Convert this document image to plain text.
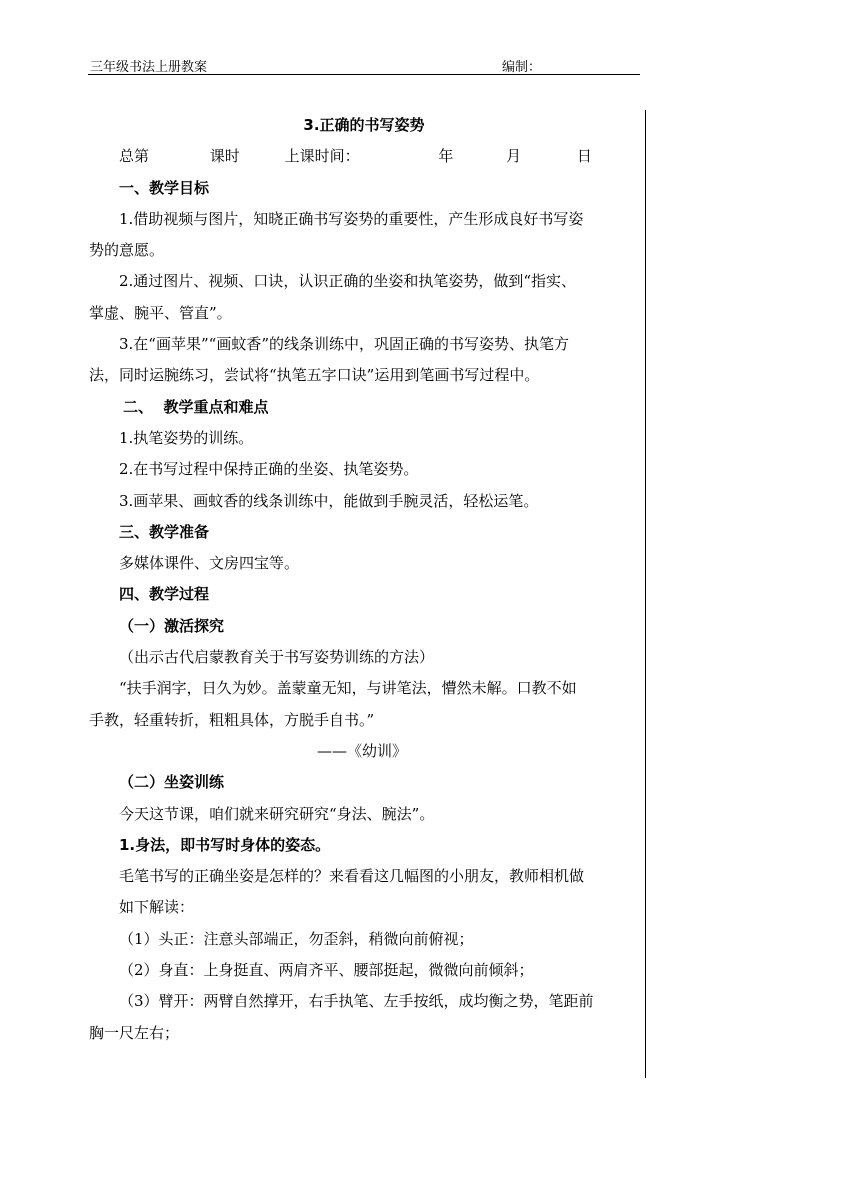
三年级书法上册教案	编制：
3.正确的书写姿势
总第	课时	上课时间：	年	月	日
一、教学目标
1.借助视频与图片，知晓正确书写姿势的重要性，产生形成良好书写姿
势的意愿。
2.通过图片、视频、口诀，认识正确的坐姿和执笔姿势，做到“指实、
掌虚、腕平、管直”。
3.在“画苹果”“画蚊香”的线条训练中，巩固正确的书写姿势、执笔方
法，同时运腕练习，尝试将“执笔五字口诀”运用到笔画书写过程中。
二、  教学重点和难点
1.执笔姿势的训练。
2.在书写过程中保持正确的坐姿、执笔姿势。
3.画苹果、画蚊香的线条训练中，能做到手腕灵活，轻松运笔。
三、教学准备
多媒体课件、文房四宝等。
四、教学过程
（一）激活探究
（出示古代启蒙教育关于书写姿势训练的方法）
“扶手润字，日久为妙。盖蒙童无知，与讲笔法，懵然未解。口教不如
手教，轻重转折，粗粗具体，方脱手自书。”
——《幼训》
（二）坐姿训练
今天这节课，咱们就来研究研究“身法、腕法”。
1.身法，即书写时身体的姿态。
毛笔书写的正确坐姿是怎样的？来看看这几幅图的小朋友，教师相机做
如下解读：
（1）头正：注意头部端正，勿歪斜，稍微向前俯视；
（2）身直：上身挺直、两肩齐平、腰部挺起，微微向前倾斜；
（3）臂开：两臂自然撑开，右手执笔、左手按纸，成均衡之势，笔距前
胸一尺左右；
